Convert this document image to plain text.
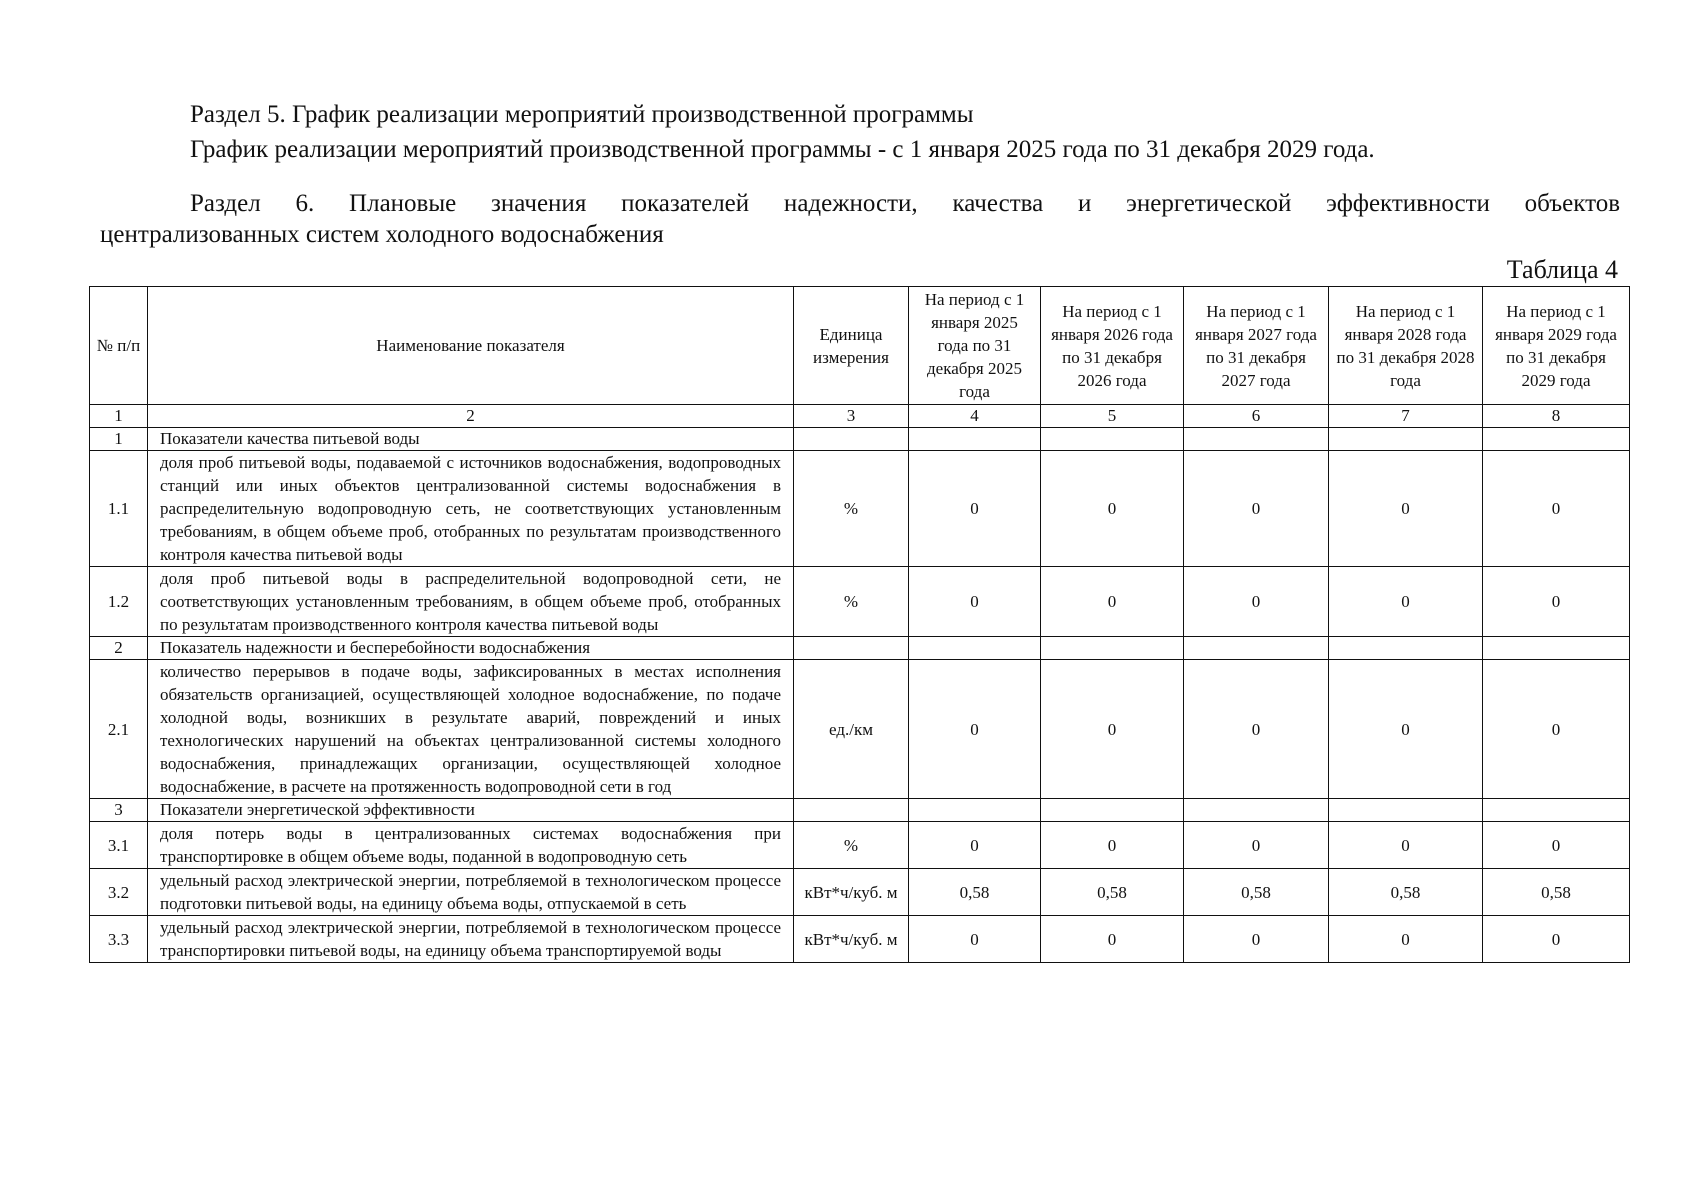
Раздел 5. График реализации мероприятий производственной программы
График реализации мероприятий производственной программы - с 1 января 2025 года по 31 декабря 2029 года.
Раздел 6. Плановые значения показателей надежности, качества и энергетической эффективности объектов
централизованных систем холодного водоснабжения
Таблица 4
№ п/п	Наименование показателя	Единица измерения	На период с 1 января 2025 года по 31 декабря 2025 года	На период с 1 января 2026 года по 31 декабря 2026 года	На период с 1 января 2027 года по 31 декабря 2027 года	На период с 1 января 2028 года по 31 декабря 2028 года	На период с 1 января 2029 года по 31 декабря 2029 года
1	2	3	4	5	6	7	8
1	Показатели качества питьевой воды						
1.1	доля проб питьевой воды, подаваемой с источников водоснабжения, водопроводных станций или иных объектов централизованной системы водоснабжения в распределительную водопроводную сеть, не соответствующих установленным требованиям, в общем объеме проб, отобранных по результатам производственного контроля качества питьевой воды	%	0	0	0	0	0
1.2	доля проб питьевой воды в распределительной водопроводной сети, не соответствующих установленным требованиям, в общем объеме проб, отобранных по результатам производственного контроля качества питьевой воды	%	0	0	0	0	0
2	Показатель надежности и бесперебойности водоснабжения						
2.1	количество перерывов в подаче воды, зафиксированных в местах исполнения обязательств организацией, осуществляющей холодное водоснабжение, по подаче холодной воды, возникших в результате аварий, повреждений и иных технологических нарушений на объектах централизованной системы холодного водоснабжения, принадлежащих организации, осуществляющей холодное водоснабжение, в расчете на протяженность водопроводной сети в год	ед./км	0	0	0	0	0
3	Показатели энергетической эффективности						
3.1	доля потерь воды в централизованных системах водоснабжения при транспортировке в общем объеме воды, поданной в водопроводную сеть	%	0	0	0	0	0
3.2	удельный расход электрической энергии, потребляемой в технологическом процессе подготовки питьевой воды, на единицу объема воды, отпускаемой в сеть	кВт*ч/куб. м	0,58	0,58	0,58	0,58	0,58
3.3	удельный расход электрической энергии, потребляемой в технологическом процессе транспортировки питьевой воды, на единицу объема транспортируемой воды	кВт*ч/куб. м	0	0	0	0	0
